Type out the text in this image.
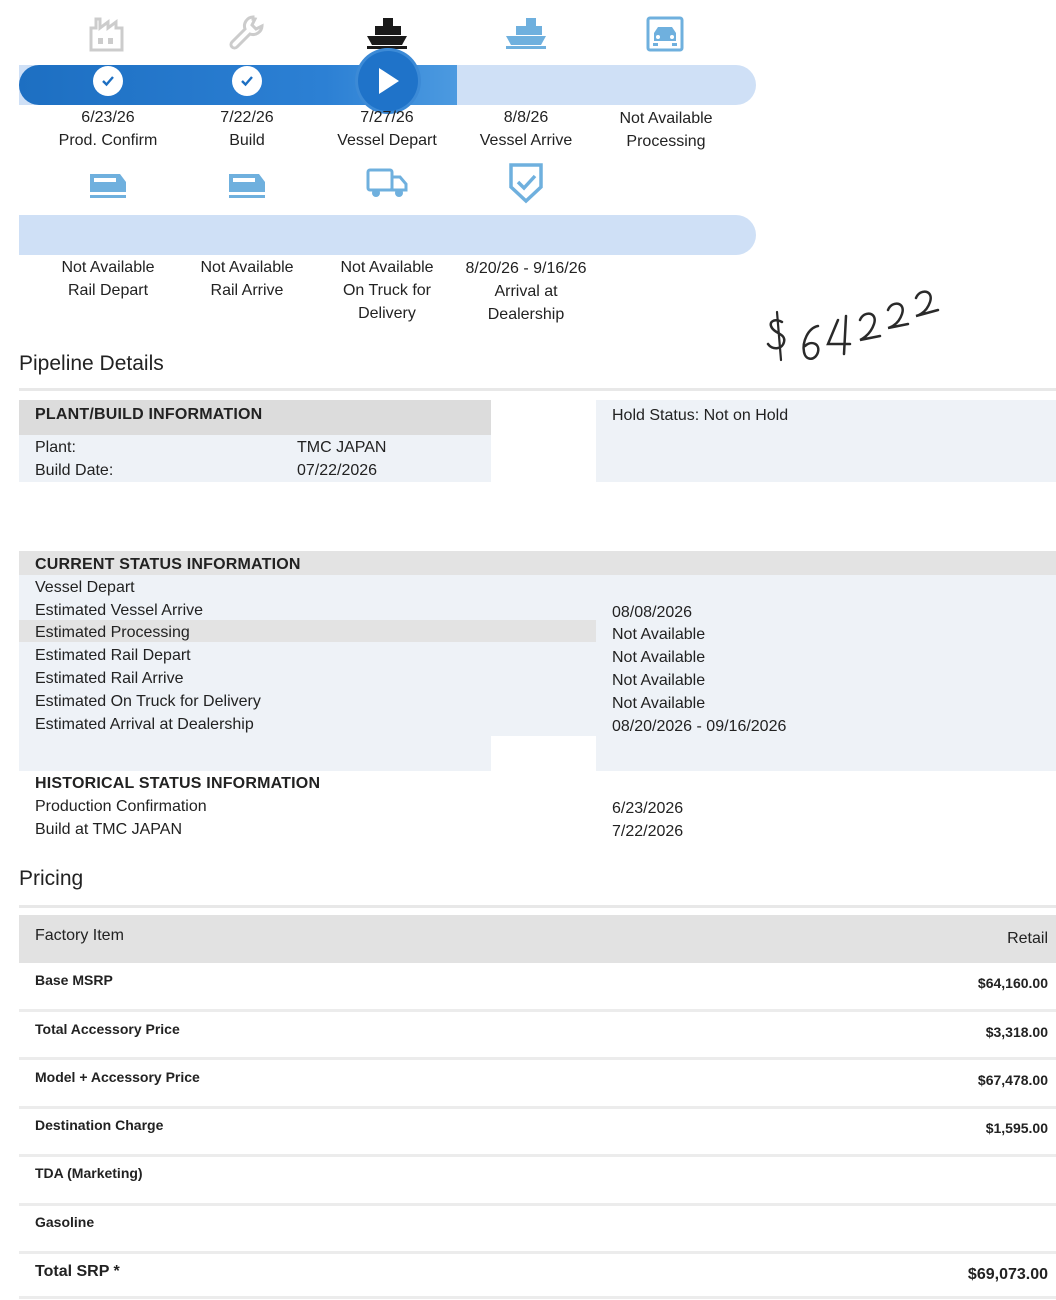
6/23/26
Prod. Confirm
7/22/26
Build
7/27/26
Vessel Depart
8/8/26
Vessel Arrive
Not Available
Processing
Not Available
Rail Depart
Not Available
Rail Arrive
Not Available
On Truck for
Delivery
8/20/26 - 9/16/26
Arrival at
Dealership
Pipeline Details
PLANT/BUILD INFORMATION
Plant:	TMC JAPAN
Build Date:	07/22/2026
Hold Status: Not on Hold
CURRENT STATUS INFORMATION
Vessel Depart
Estimated Vessel Arrive	08/08/2026
Estimated Processing	Not Available
Estimated Rail Depart	Not Available
Estimated Rail Arrive	Not Available
Estimated On Truck for Delivery	Not Available
Estimated Arrival at Dealership	08/20/2026 - 09/16/2026
HISTORICAL STATUS INFORMATION
Production Confirmation	6/23/2026
Build at TMC JAPAN	7/22/2026
Pricing
Factory Item	Retail
Base MSRP	$64,160.00
Total Accessory Price	$3,318.00
Model + Accessory Price	$67,478.00
Destination Charge	$1,595.00
TDA (Marketing)
Gasoline
Total SRP *	$69,073.00
